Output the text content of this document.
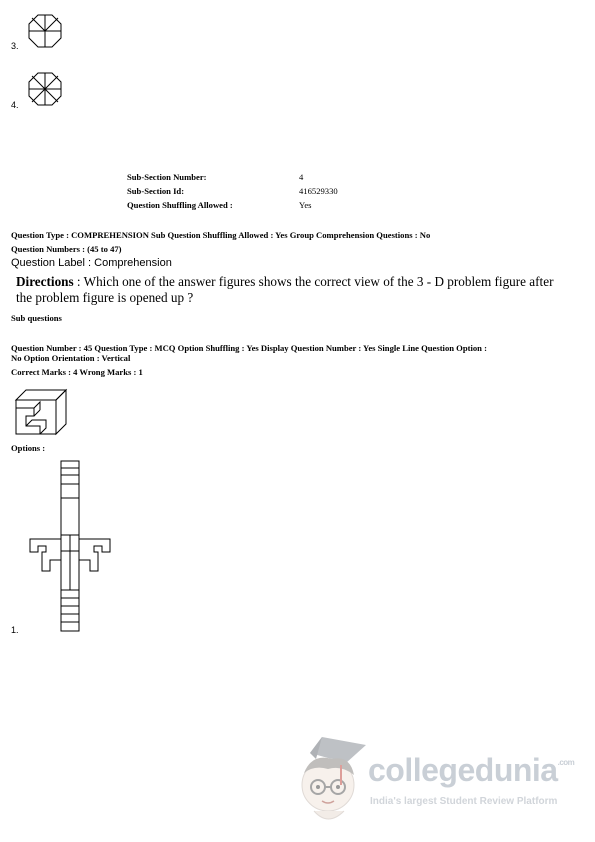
3.
4.
Sub-Section Number:	4
Sub-Section Id:	416529330
Question Shuffling Allowed :	Yes
Question Type : COMPREHENSION Sub Question Shuffling Allowed : Yes Group Comprehension Questions : No
Question Numbers : (45 to 47)
Question Label : Comprehension
Directions : Which one of the answer figures shows the correct view of the 3 - D problem figure after
the problem figure is opened up ?
Sub questions
Question Number : 45 Question Type : MCQ Option Shuffling : Yes Display Question Number : Yes Single Line Question Option :
No Option Orientation : Vertical
Correct Marks : 4 Wrong Marks : 1
Options :
1.
collegedunia$^{.com}$
India's largest Student Review Platform
